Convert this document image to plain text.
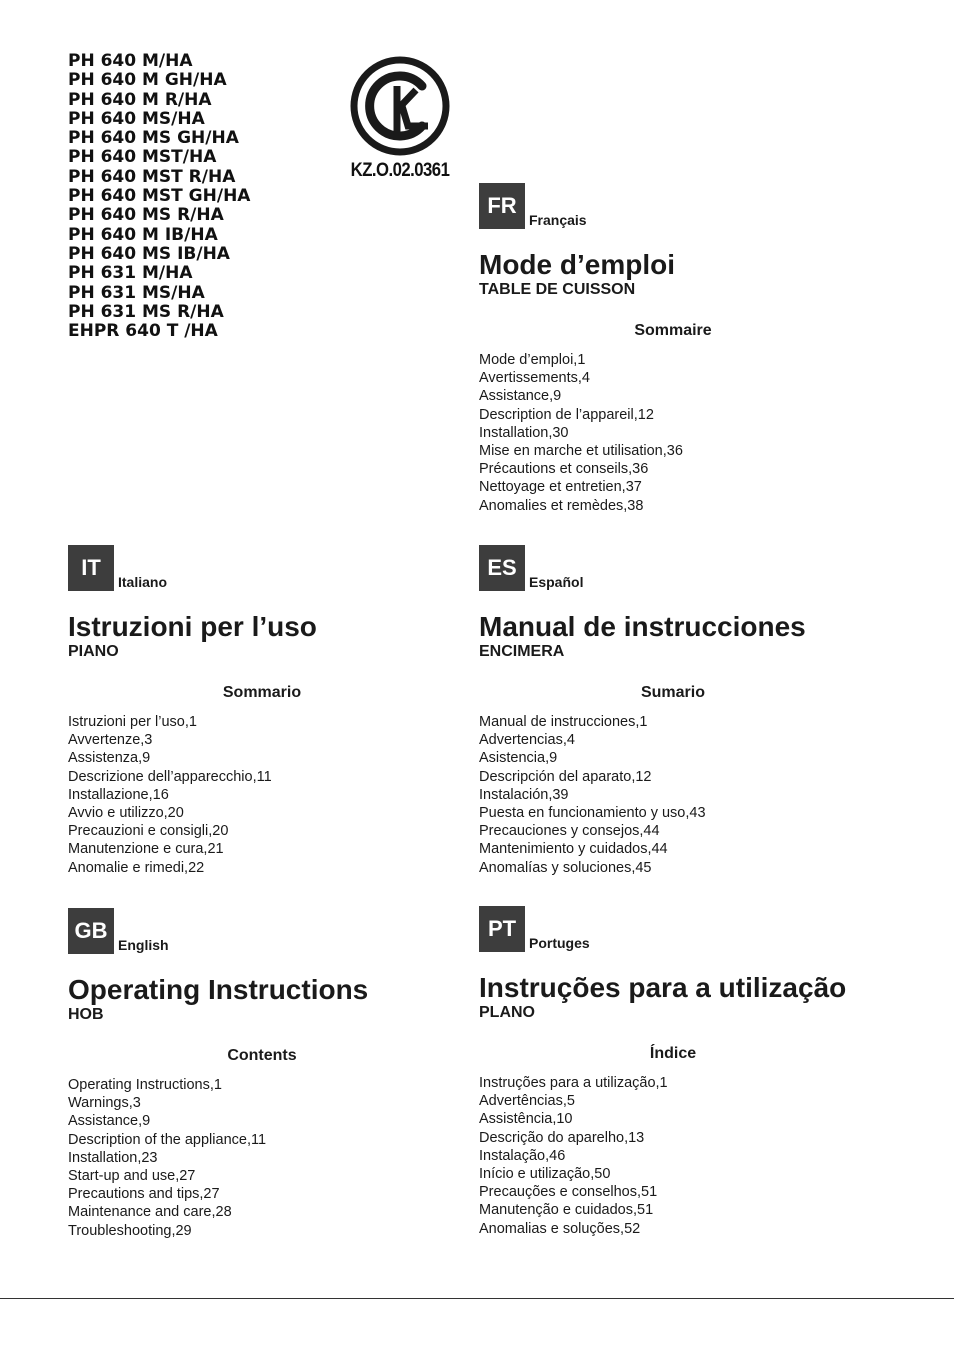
PH 640 M/HA
PH 640 M GH/HA
PH 640 M R/HA
PH 640 MS/HA
PH 640 MS GH/HA
PH 640 MST/HA
PH 640 MST R/HA
PH 640 MST GH/HA
PH 640 MS R/HA
PH 640 M IB/HA
PH 640 MS IB/HA
PH 631 M/HA
PH 631 MS/HA
PH 631 MS R/HA
EHPR 640 T /HA
KZ.O.02.0361
FR
Français
Mode d’emploi
TABLE DE CUISSON
Sommaire
Mode d’emploi,1
Avertissements,4
Assistance,9
Description de l’appareil,12
Installation,30
Mise en marche et utilisation,36
Précautions et conseils,36
Nettoyage et entretien,37
Anomalies et remèdes,38
IT
Italiano
Istruzioni per l’uso
PIANO
Sommario
Istruzioni per l’uso,1
Avvertenze,3
Assistenza,9
Descrizione dell’apparecchio,11
Installazione,16
Avvio e utilizzo,20
Precauzioni e consigli,20
Manutenzione e cura,21
Anomalie e rimedi,22
ES
Español
Manual de instrucciones
ENCIMERA
Sumario
Manual de instrucciones,1
Advertencias,4
Asistencia,9
Descripción del aparato,12
Instalación,39
Puesta en funcionamiento y uso,43
Precauciones y consejos,44
Mantenimiento y cuidados,44
Anomalías y soluciones,45
GB
English
Operating Instructions
HOB
Contents
Operating Instructions,1
Warnings,3
Assistance,9
Description of the appliance,11
Installation,23
Start-up and use,27
Precautions and tips,27
Maintenance and care,28
Troubleshooting,29
PT
Portuges
Instruções para a utilização
PLANO
Índice
Instruções para a utilização,1
Advertências,5
Assistência,10
Descrição do aparelho,13
Instalação,46
Início e utilização,50
Precauções e conselhos,51
Manutenção e cuidados,51
Anomalias e soluções,52
